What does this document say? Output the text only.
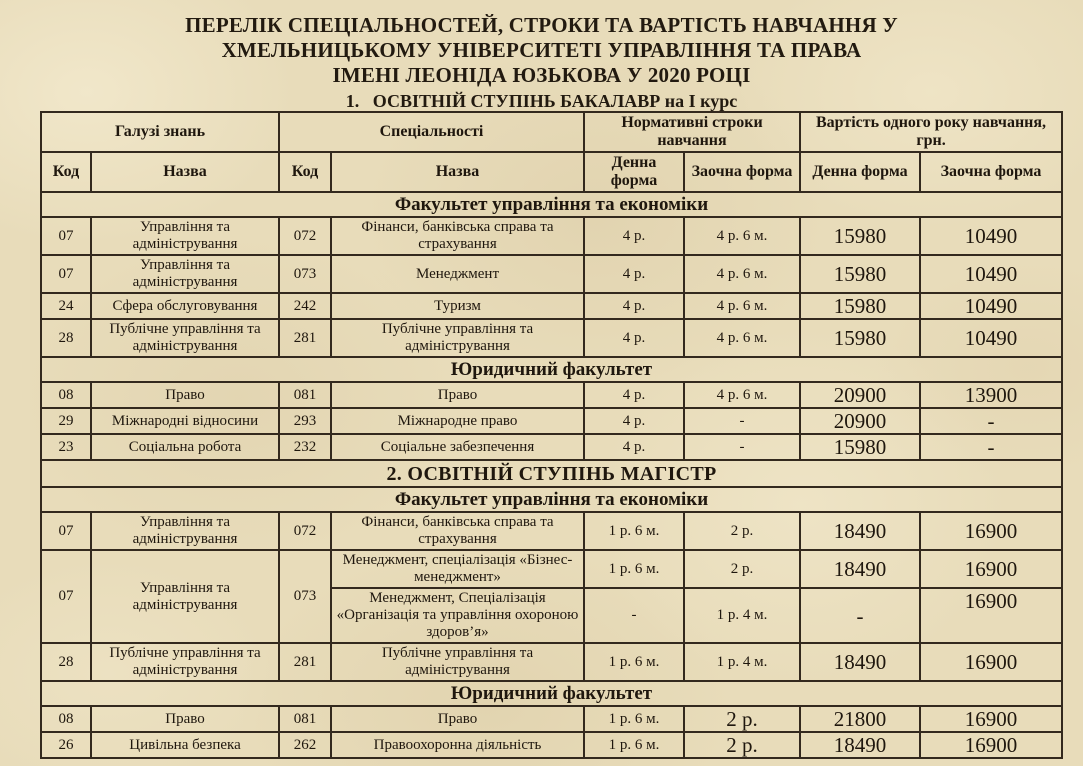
ПЕРЕЛІК СПЕЦІАЛЬНОСТЕЙ, СТРОКИ ТА ВАРТІСТЬ НАВЧАННЯ У
ХМЕЛЬНИЦЬКОМУ УНІВЕРСИТЕТІ УПРАВЛІННЯ ТА ПРАВА
ІМЕНІ ЛЕОНІДА ЮЗЬКОВА У 2020 РОЦІ
1.   ОСВІТНІЙ СТУПІНЬ БАКАЛАВР на І курс
Галузі знань		Спеціальності		Нормативні строки навчання		Вартість одного року навчання, грн.	
Код	Назва	Код	Назва	Денна форма	Заочна форма	Денна форма	Заочна форма
Факультет управління та економіки							
07	Управління та адміністрування	072	Фінанси, банківська справа та страхування	4 р.	4 р. 6 м.	15980	10490
07	Управління та адміністрування	073	Менеджмент	4 р.	4 р. 6 м.	15980	10490
24	Сфера обслуговування	242	Туризм	4 р.	4 р. 6 м.	15980	10490
28	Публічне управління та адміністрування	281	Публічне управління та адміністрування	4 р.	4 р. 6 м.	15980	10490
Юридичний факультет							
08	Право	081	Право	4 р.	4 р. 6 м.	20900	13900
29	Міжнародні відносини	293	Міжнародне право	4 р.	-	20900	-
23	Соціальна робота	232	Соціальне забезпечення	4 р.	-	15980	-
2. ОСВІТНІЙ СТУПІНЬ МАГІСТР							
Факультет управління та економіки							
07	Управління та адміністрування	072	Фінанси, банківська справа та страхування	1 р. 6 м.	2 р.	18490	16900
07	Управління та адміністрування	073	Менеджмент, спеціалізація «Бізнес-менеджмент»	1 р. 6 м.	2 р.	18490	16900
			Менеджмент, Спеціалізація «Організація та управління охороною здоров’я»	-	1 р. 4 м.	-	16900
28	Публічне управління та адміністрування	281	Публічне управління та адміністрування	1 р. 6 м.	1 р. 4 м.	18490	16900
Юридичний факультет							
08	Право	081	Право	1 р. 6 м.	2 р.	21800	16900
26	Цивільна безпека	262	Правоохоронна діяльність	1 р. 6 м.	2 р.	18490	16900
